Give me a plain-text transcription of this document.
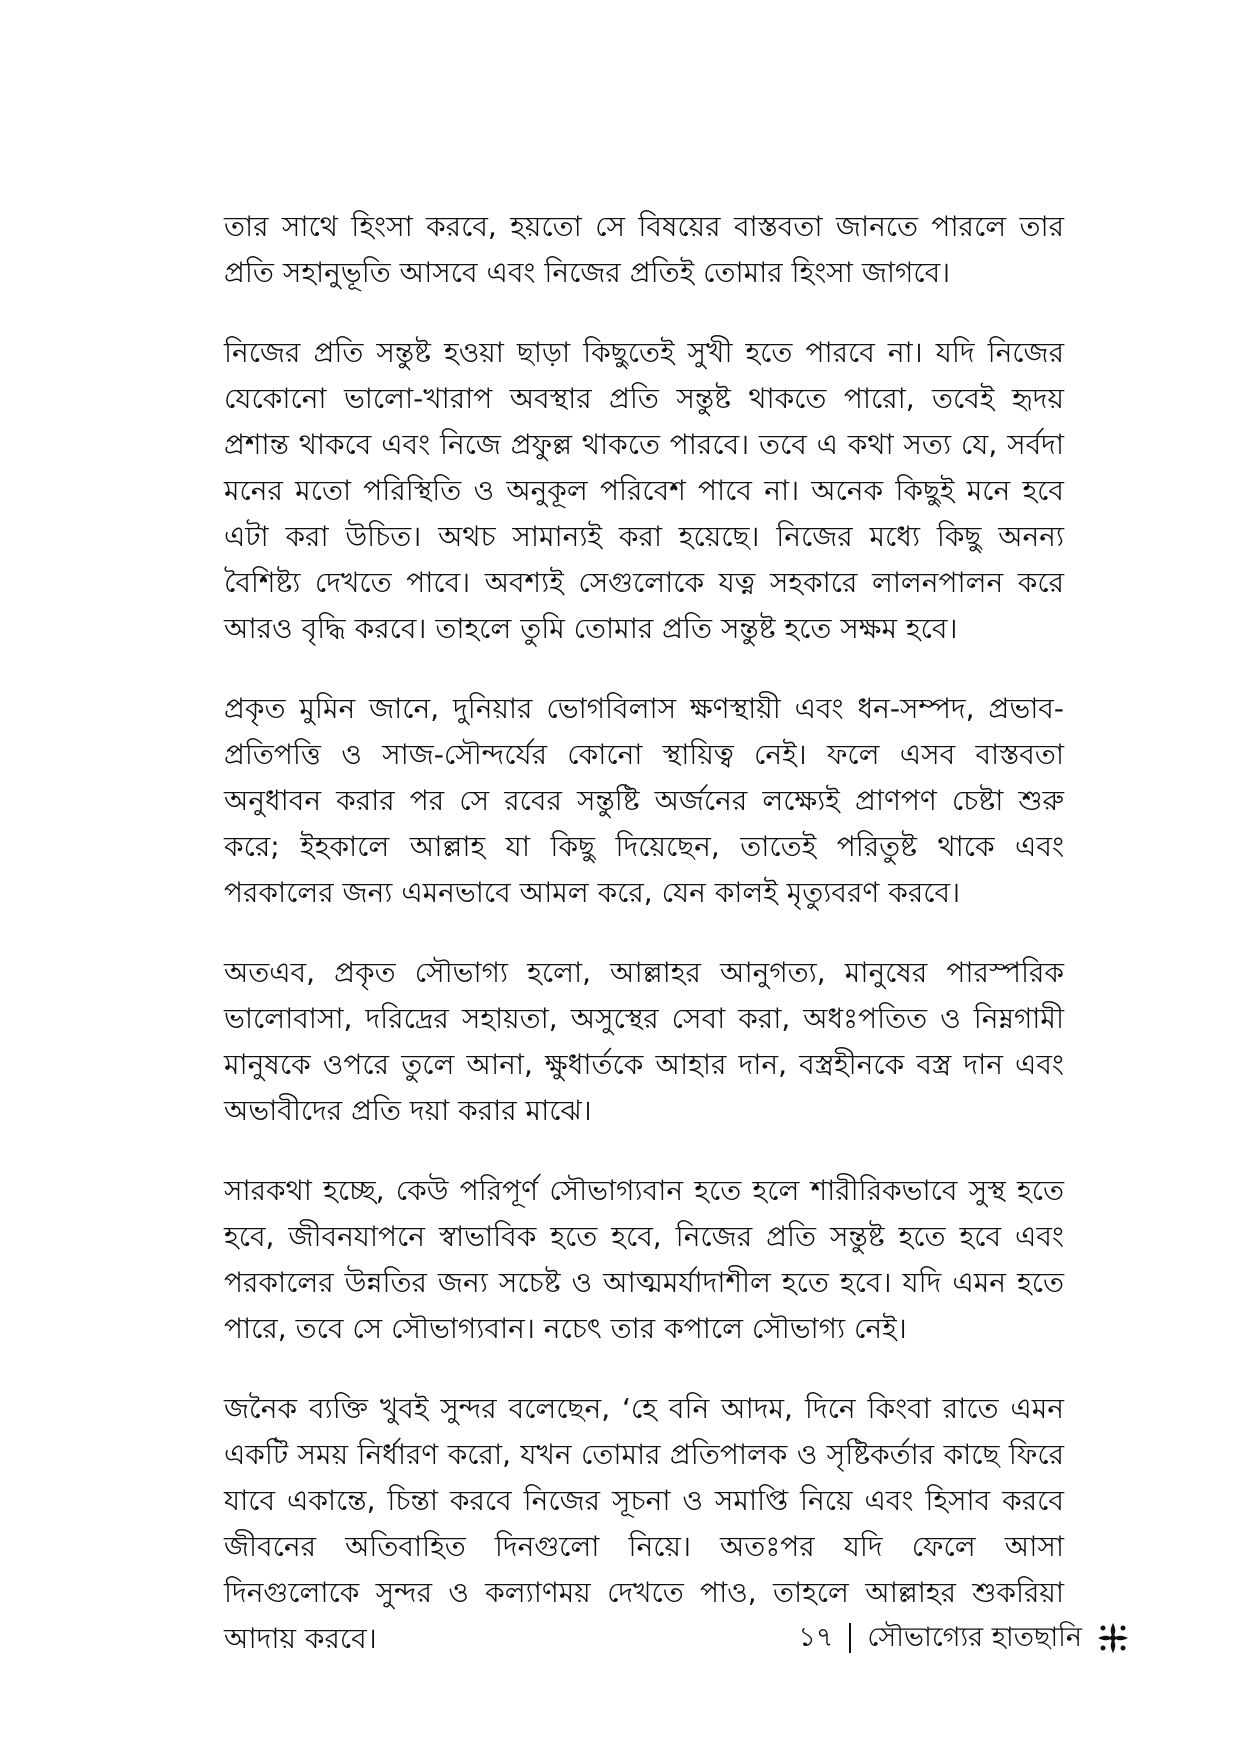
তার সাথে হিংসা করবে, হয়তো সে বিষয়ের বাস্তবতা জানতে পারলে তার প্রতি সহানুভূতি আসবে এবং নিজের প্রতিই তোমার হিংসা জাগবে।

নিজের প্রতি সন্তুষ্ট হওয়া ছাড়া কিছুতেই সুখী হতে পারবে না। যদি নিজের যেকোনো ভালো-খারাপ অবস্থার প্রতি সন্তুষ্ট থাকতে পারো, তবেই হৃদয় প্রশান্ত থাকবে এবং নিজে প্রফুল্ল থাকতে পারবে। তবে এ কথা সত্য যে, সর্বদা মনের মতো পরিস্থিতি ও অনুকূল পরিবেশ পাবে না। অনেক কিছুই মনে হবে এটা করা উচিত। অথচ সামান্যই করা হয়েছে। নিজের মধ্যে কিছু অনন্য বৈশিষ্ট্য দেখতে পাবে। অবশ্যই সেগুলোকে যত্ন সহকারে লালনপালন করে আরও বৃদ্ধি করবে। তাহলে তুমি তোমার প্রতি সন্তুষ্ট হতে সক্ষম হবে।

প্রকৃত মুমিন জানে, দুনিয়ার ভোগবিলাস ক্ষণস্থায়ী এবং ধন-সম্পদ, প্রভাব-প্রতিপত্তি ও সাজ-সৌন্দর্যের কোনো স্থায়িত্ব নেই। ফলে এসব বাস্তবতা অনুধাবন করার পর সে রবের সন্তুষ্টি অর্জনের লক্ষ্যেই প্রাণপণ চেষ্টা শুরু করে; ইহকালে আল্লাহ যা কিছু দিয়েছেন, তাতেই পরিতুষ্ট থাকে এবং পরকালের জন্য এমনভাবে আমল করে, যেন কালই মৃত্যুবরণ করবে।

অতএব, প্রকৃত সৌভাগ্য হলো, আল্লাহর আনুগত্য, মানুষের পারস্পরিক ভালোবাসা, দরিদ্রের সহায়তা, অসুস্থের সেবা করা, অধঃপতিত ও নিম্নগামী মানুষকে ওপরে তুলে আনা, ক্ষুধার্তকে আহার দান, বস্ত্রহীনকে বস্ত্র দান এবং অভাবীদের প্রতি দয়া করার মাঝে।

সারকথা হচ্ছে, কেউ পরিপূর্ণ সৌভাগ্যবান হতে হলে শারীরিকভাবে সুস্থ হতে হবে, জীবনযাপনে স্বাভাবিক হতে হবে, নিজের প্রতি সন্তুষ্ট হতে হবে এবং পরকালের উন্নতির জন্য সচেষ্ট ও আত্মমর্যাদাশীল হতে হবে। যদি এমন হতে পারে, তবে সে সৌভাগ্যবান। নচেৎ তার কপালে সৌভাগ্য নেই।

জনৈক ব্যক্তি খুবই সুন্দর বলেছেন, ‘হে বনি আদম, দিনে কিংবা রাতে এমন একটি সময় নির্ধারণ করো, যখন তোমার প্রতিপালক ও সৃষ্টিকর্তার কাছে ফিরে যাবে একান্তে, চিন্তা করবে নিজের সূচনা ও সমাপ্তি নিয়ে এবং হিসাব করবে জীবনের অতিবাহিত দিনগুলো নিয়ে। অতঃপর যদি ফেলে আসা দিনগুলোকে সুন্দর ও কল্যাণময় দেখতে পাও, তাহলে আল্লাহর শুকরিয়া আদায় করবে।	১৭ সৌভাগ্যের হাতছানি
